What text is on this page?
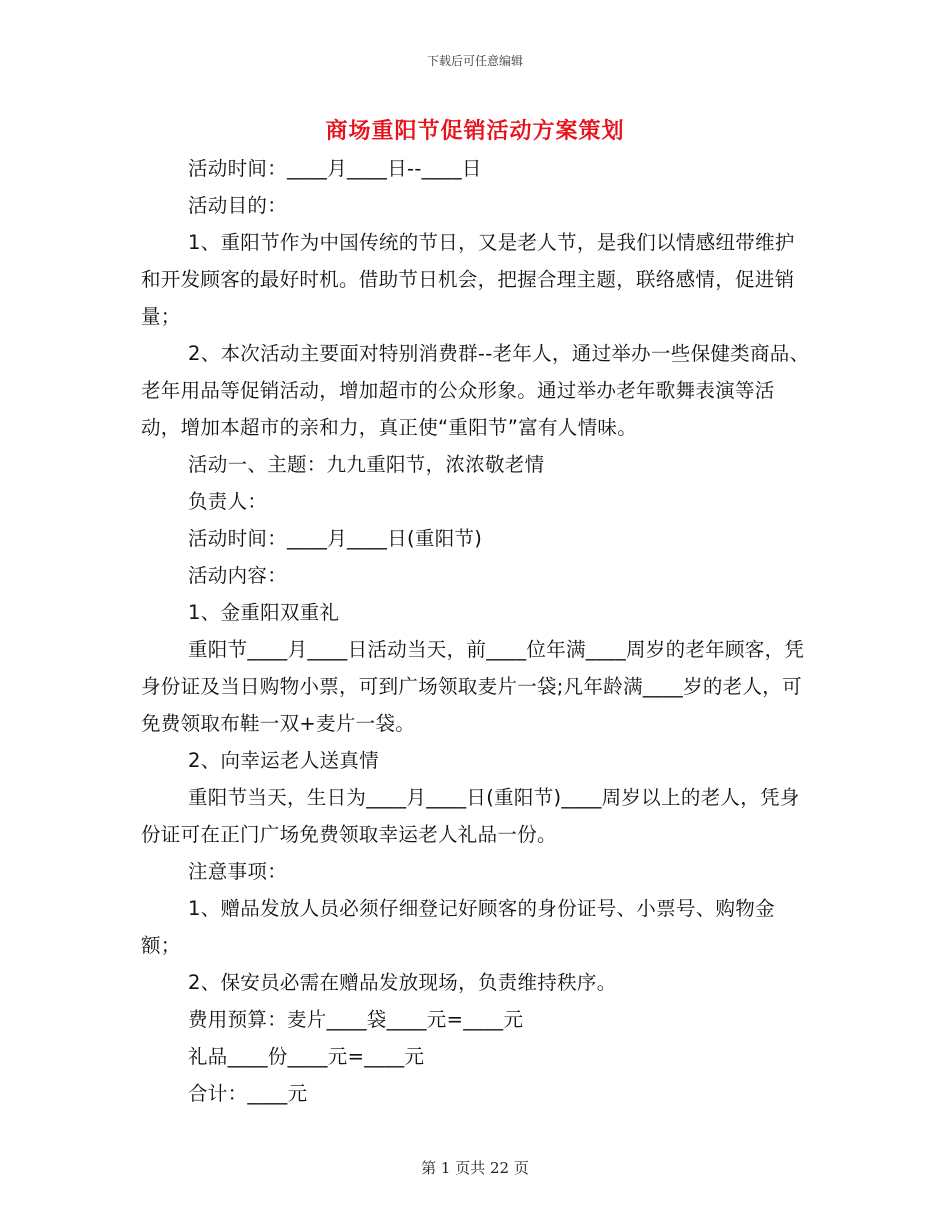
下载后可任意编辑
商场重阳节促销活动方案策划

活动时间：____月____日--____日

活动目的：

1、重阳节作为中国传统的节日，又是老人节，是我们以情感纽带维护和开发顾客的最好时机。借助节日机会，把握合理主题，联络感情，促进销量；

2、本次活动主要面对特别消费群--老年人，通过举办一些保健类商品、老年用品等促销活动，增加超市的公众形象。通过举办老年歌舞表演等活动，增加本超市的亲和力，真正使“重阳节”富有人情味。

活动一、主题：九九重阳节，浓浓敬老情

负责人：

活动时间：____月____日(重阳节)

活动内容：

1、金重阳双重礼

重阳节____月____日活动当天，前____位年满____周岁的老年顾客，凭身份证及当日购物小票，可到广场领取麦片一袋;凡年龄满____岁的老人，可免费领取布鞋一双+麦片一袋。

2、向幸运老人送真情

重阳节当天，生日为____月____日(重阳节)____周岁以上的老人，凭身份证可在正门广场免费领取幸运老人礼品一份。

注意事项：

1、赠品发放人员必须仔细登记好顾客的身份证号、小票号、购物金额；

2、保安员必需在赠品发放现场，负责维持秩序。

费用预算：麦片____袋____元=____元

礼品____份____元=____元

合计：____元

第 1 页共 22 页
